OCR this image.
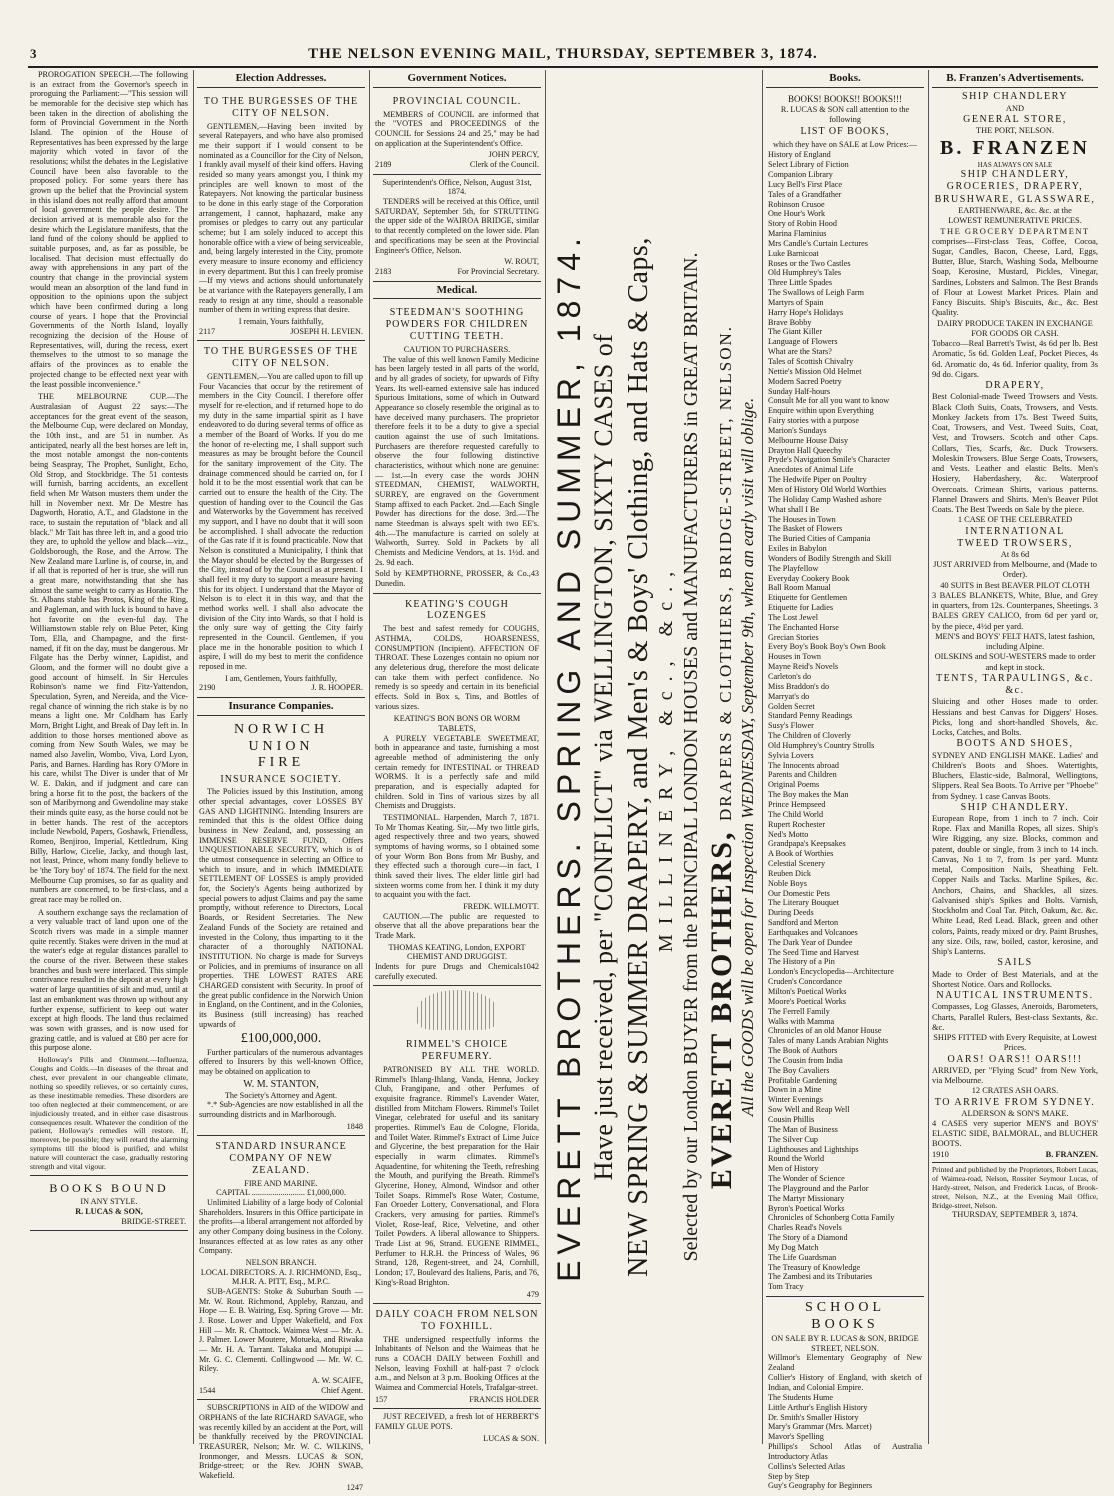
3	THE NELSON EVENING MAIL, THURSDAY, SEPTEMBER 3, 1874.

PROROGATION SPEECH.—The following is an extract from the Governor's speech in proroguing the Parliament:—"This session will be memorable for the decisive step which has been taken in the direction of abolishing the form of Provincial Government in the North Island. The opinion of the House of Representatives has been expressed by the large majority which voted in favor of the resolutions; whilst the debates in the Legislative Council have been also favorable to the proposed policy. For some years there has grown up the belief that the Provincial system in this island does not really afford that amount of local government the people desire. The decision arrived at is memorable also for the desire which the Legislature manifests, that the land fund of the colony should be applied to suitable purposes, and, as far as possible, be localised. That decision must effectually do away with apprehensions in any part of the country that change in the provincial system would mean an absorption of the land fund in opposition to the opinions upon the subject which have been confirmed during a long course of years. I hope that the Provincial Governments of the North Island, loyally recognizing the decision of the House of Representatives, will, during the recess, exert themselves to the utmost to so manage the affairs of the provinces as to enable the projected change to be effected next year with the least possible inconvenience."

THE MELBOURNE CUP.—The Australasian of August 22 says:—The acceptances for the great event of the season, the Melbourne Cup, were declared on Monday, the 10th inst., and are 51 in number. As anticipated, nearly all the best horses are left in, the most notable amongst the non-contents being Seaspray, The Prophet, Sunlight, Echo, Old Strop, and Stockbridge. The 51 contests will furnish, barring accidents, an excellent field when Mr Watson musters them under the hill in November next. Mr De Mestre has Dagworth, Horatio, A.T., and Gladstone in the race, to sustain the reputation of "black and all black." Mr Tait has three left in, and a good trio they are, to uphold the yellow and black—viz., Goldsborough, the Rose, and the Arrow. The New Zealand mare Lurline is, of course, in, and if all that is reported of her is true, she will run a great mare, notwithstanding that she has almost the same weight to carry as Horatio. The St. Albans stable has Protos, King of the Ring, and Pagleman, and with luck is bound to have a hot favorite on the even-ful day. The Williamstown stable rely on Blue Peter, King Tom, Ella, and Champagne, and the first-named, if fit on the day, must be dangerous. Mr Filgate has the Derby winner, Lapidist, and Gloom, and the former will no doubt give a good account of himself. In Sir Hercules Robinson's name we find Fitz-Yattendon, Speculation, Syren, and Nereida, and the Vice-regal chance of winning the rich stake is by no means a light one. Mr Coldham has Early Morn, Bright Light, and Break of Day left in. In addition to those horses mentioned above as coming from New South Wales, we may be named also Javelin, Wombo, Viva, Lord Lyon, Paris, and Barnes. Harding has Rory O'More in his care, whilst The Diver is under that of Mr W. E. Dakin, and if judgment and care can bring a horse fit to the post, the backers of the son of Maribyrnong and Gwendoline may stake their minds quite easy, as the horse could not be in better hands. The rest of the acceptors include Newbold, Papers, Goshawk, Friendless, Romeo, Benjiroo, Imperial, Kettledrum, King Billy, Harlow, Cicelie, Jacky, and though last, not least, Prince, whom many fondly believe to be 'the Tory boy' of 1874. The field for the next Melbourne Cup promises, so far as quality and numbers are concerned, to be first-class, and a great race may be rolled on.

A southern exchange says the reclamation of a very valuable tract of land upon one of the Scotch rivers was made in a simple manner quite recently. Stakes were driven in the mud at the water's edge at regular distances parallel to the course of the river. Between these stakes branches and bush were interlaced. This simple contrivance resulted in the deposit at every high water of large quantities of silt and mud, until at last an embankment was thrown up without any further expense, sufficient to keep out water except at high floods. The land thus reclaimed was sown with grasses, and is now used for grazing cattle, and is valued at £80 per acre for this purpose alone.

Holloway's Pills and Ointment.—Influenza, Coughs and Colds.—In diseases of the throat and chest, ever prevalent in our changeable climate, nothing so speedily relieves, or so certainly cures, as these inestimable remedies. These disorders are too often neglected at their commencement, or are injudiciously treated, and in either case disastrous consequences result. Whatever the condition of the patient, Holloway's remedies will restore. If, moreover, be possible; they will retard the alarming symptoms till the blood is purified, and whilst nature will counteract the case, gradually restoring strength and vital vigour.

BOOKS BOUND
IN ANY STYLE.
R. LUCAS & SON,
BRIDGE-STREET.
Election Addresses.
TO THE BURGESSES OF THE CITY OF NELSON.

GENTLEMEN,—Having been invited by several Ratepayers, and who have also promised me their support if I would consent to be nominated as a Councillor for the City of Nelson, I frankly avail myself of their kind offers. Having resided so many years amongst you, I think my principles are well known to most of the Ratepayers. Not knowing the particular business to be done in this early stage of the Corporation arrangement, I cannot, haphazard, make any promises or pledges to carry out any particular scheme; but I am solely induced to accept this honorable office with a view of being serviceable, and, being largely interested in the City, promote every measure to insure economy and efficiency in every department. But this I can freely promise—If my views and actions should unfortunately be at variance with the Ratepayers generally, I am ready to resign at any time, should a reasonable number of them in writing express that desire.

I remain, Yours faithfully,
2117	JOSEPH H. LEVIEN.
TO THE BURGESSES OF THE CITY OF NELSON.

GENTLEMEN,—You are called upon to fill up Four Vacancies that occur by the retirement of members in the City Council. I therefore offer myself for re-election, and if returned hope to do my duty in the same impartial spirit as I have endeavored to do during several terms of office as a member of the Board of Works. If you do me the honor of re-electing me, I shall support such measures as may be brought before the Council for the sanitary improvement of the City. The drainage commenced should be carried on, for I hold it to be the most essential work that can be carried out to ensure the health of the City. The question of handing over to the Council the Gas and Waterworks by the Government has received my support, and I have no doubt that it will soon be accomplished. I shall advocate the reduction of the Gas rate if it is found practicable. Now that Nelson is constituted a Municipality, I think that the Mayor should be elected by the Burgesses of the City, instead of by the Council as at present. I shall feel it my duty to support a measure having this for its object. I understand that the Mayor of Nelson is to elect it in this way, and that the method works well. I shall also advocate the division of the City into Wards, so that I hold is the only sure way of getting the City fairly represented in the Council. Gentlemen, if you place me in the honorable position to which I aspire, I will do my best to merit the confidence reposed in me.

I am, Gentlemen, Yours faithfully,
2190	J. R. HOOPER.
Insurance Companies.
NORWICH UNION
FIRE
INSURANCE SOCIETY.

The Policies issued by this Institution, among other special advantages, cover LOSSES BY GAS AND LIGHTNING. Intending Insurers are reminded that this is the oldest Office doing business in New Zealand, and, possessing an IMMENSE RESERVE FUND, Offers UNQUESTIONABLE SECURITY, which is of the utmost consequence in selecting an Office to which to insure, and in which IMMEDIATE SETTLEMENT OF LOSSES is amply provided for, the Society's Agents being authorized by special powers to adjust Claims and pay the same promptly, without reference to Directors, Local Boards, or Resident Secretaries. The New Zealand Funds of the Society are retained and invested in the Colony, thus imparting to it the character of a thoroughly NATIONAL INSTITUTION. No charge is made for Surveys or Policies, and in premiums of insurance on all properties. THE LOWEST RATES ARE CHARGED consistent with Security. In proof of the great public confidence in the Norwich Union in England, on the Continent, and in the Colonies, its Business (still increasing) has reached upwards of

£100,000,000.

Further particulars of the numerous advantages offered to Insurers by this well-known Office, may be obtained on application to

W. M. STANTON,
The Society's Attorney and Agent.

*.* Sub-Agencies are now established in all the surrounding districts and in Marlborough.

1848
STANDARD INSURANCE COMPANY OF NEW ZEALAND.
FIRE AND MARINE.
CAPITAL .......................... £1,000,000.

Unlimited Liability of a large body of Colonial Shareholders. Insurers in this Office participate in the profits—a liberal arrangement not afforded by any other Company doing business in the Colony. Insurances effected at as low rates as any other Company.

NELSON BRANCH.
LOCAL DIRECTORS. A. J. RICHMOND, Esq., M.H.R. A. PITT, Esq., M.P.C.

SUB-AGENTS: Stoke & Suburban South — Mr. W. Rout. Richmond, Appleby, Ranzau, and Hope — E. B. Wairing, Esq. Spring Grove — Mr. J. Rose. Lower and Upper Wakefield, and Fox Hill — Mr. R. Chattock. Waimea West — Mr. A. J. Palmer. Lower Moutere, Motueka, and Riwaka — Mr. H. A. Tarrant. Takaka and Motupipi — Mr. G. C. Clementi. Collingwood — Mr. W. C. Riley.

A. W. SCAIFE,
1544	Chief Agent.

SUBSCRIPTIONS in AID of the WIDOW and ORPHANS of the late RICHARD SAVAGE, who was recently killed by an accident at the Port, will be thankfully received by the PROVINCIAL TREASURER, Nelson; Mr. W. C. WILKINS, Ironmonger, and Messrs. LUCAS & SON, Bridge-street; or the Rev. JOHN SWAB, Wakefield.

1247
Government Notices.
PROVINCIAL COUNCIL.

MEMBERS of COUNCIL are informed that the "VOTES and PROCEEDINGS of the COUNCIL for Sessions 24 and 25," may be had on application at the Superintendent's Office.

JOHN PERCY,
2189	Clerk of the Council.
Superintendent's Office, Nelson, August 31st, 1874.

TENDERS will be received at this Office, until SATURDAY, September 5th, for STRUTTING the upper side of the WAIROA BRIDGE, similar to that recently completed on the lower side. Plan and specifications may be seen at the Provincial Engineer's Office, Nelson.

W. ROUT,
2183	For Provincial Secretary.
Medical.
STEEDMAN'S SOOTHING POWDERS FOR CHILDREN CUTTING TEETH.
CAUTION TO PURCHASERS.

The value of this well known Family Medicine has been largely tested in all parts of the world, and by all grades of society, for upwards of Fifty Years. Its well-earned extensive sale has induced Spurious Imitations, some of which in Outward Appearance so closely resemble the original as to have deceived many purchasers. The proprietor therefore feels it to be a duty to give a special caution against the use of such Imitations. Purchasers are therefore requested carefully to observe the four following distinctive characteristics, without which none are genuine:— 1st.—In every case the words JOHN STEEDMAN, CHEMIST, WALWORTH, SURREY, are engraved on the Government Stamp affixed to each Packet. 2nd.—Each Single Powder has directions for the dose. 3rd.—The name Steedman is always spelt with two EE's. 4th.—The manufacture is carried on solely at Walworth, Surrey. Sold in Packets by all Chemists and Medicine Vendors, at 1s. 1½d. and 2s. 9d each.

Sold by KEMPTHORNE, PROSSER, & Co., Dunedin.
43
KEATING'S COUGH LOZENGES

The best and safest remedy for COUGHS, ASTHMA, COLDS, HOARSENESS, CONSUMPTION (Incipient). AFFECTION OF THROAT. These Lozenges contain no opium nor any deleterious drug, therefore the most delicate can take them with perfect confidence. No remedy is so speedy and certain in its beneficial effects. Sold in Box s, Tins, and Bottles of various sizes.

KEATING'S BON BONS OR WORM TABLETS,

A PURELY VEGETABLE SWEETMEAT, both in appearance and taste, furnishing a most agreeable method of administering the only certain remedy for INTESTINAL or THREAD WORMS. It is a perfectly safe and mild preparation, and is especially adapted for children. Sold in Tins of various sizes by all Chemists and Druggists.

TESTIMONIAL. Harpenden, March 7, 1871. To Mr Thomas Keating. Sir,—My two little girls, aged respectively three and two years, showed symptoms of having worms, so I obtained some of your Worm Bon Bons from Mr Busby, and they effected such a thorough cure—in fact, I think saved their lives. The elder little girl had sixteen worms come from her. I think it my duty to acquaint you with the fact.

FREDK. WILLMOTT.

CAUTION.—The public are requested to observe that all the above preparations bear the Trade Mark.

THOMAS KEATING, London, EXPORT CHEMIST AND DRUGGIST.
Indents for pure Drugs and Chemicals carefully executed.
1042
RIMMEL'S CHOICE PERFUMERY.

PATRONISED BY ALL THE WORLD. Rimmel's Ihlang-Ihlang, Vanda, Henna, Jockey Club, Frangipane, and other Perfumes of exquisite fragrance. Rimmel's Lavender Water, distilled from Mitcham Flowers. Rimmel's Toilet Vinegar, celebrated for useful and its sanitary properties. Rimmel's Eau de Cologne, Florida, and Toilet Water. Rimmel's Extract of Lime Juice and Glycerine, the best preparation for the Hair especially in warm climates. Rimmel's Aquadentine, for whitening the Teeth, refreshing the Mouth, and purifying the Breath. Rimmel's Glycerine, Honey, Almond, Windsor and other Toilet Soaps. Rimmel's Rose Water, Costume, Fan Oroeder Lottery, Conversational, and Flora Crackers, very amusing for parties. Rimmel's Violet, Rose-leaf, Rice, Velvetine, and other Toilet Powders. A liberal allowance to Shippers. Trade List at 96, Strand. EUGENE RIMMEL, Perfumer to H.R.H. the Princess of Wales, 96 Strand, 128, Regent-street, and 24, Cornhill, London; 17, Boulevard des Italiens, Paris, and 76, King's-Road Brighton.

479
DAILY COACH FROM NELSON TO FOXHILL.

THE undersigned respectfully informs the Inhabitants of Nelson and the Waimeas that he runs a COACH DAILY between Foxhill and Nelson, leaving Foxhill at half-past 7 o'clock a.m., and Nelson at 3 p.m. Booking Offices at the Waimea and Commercial Hotels, Trafalgar-street.

157	FRANCIS HOLDER

JUST RECEIVED, a fresh lot of HERBERT'S FAMILY GLUE POTS.

LUCAS & SON.
EVERETT BROTHERS. SPRING AND SUMMER, 1874. Have just received, per "CONFLICT" via WELLINGTON, SIXTY CASES of NEW SPRING & SUMMER DRAPERY, and Men's & Boys' Clothing, and Hats & Caps, MILLINERY, &c., &c., Selected by our London BUYER from the PRINCIPAL LONDON HOUSES and MANUFACTURERS in GREAT BRITAIN. EVERETT BROTHERS, DRAPERS & CLOTHIERS, BRIDGE-STREET, NELSON. All the GOODS will be open for Inspection WEDNESDAY, September 9th, when an early visit will oblige.
Books.
BOOKS! BOOKS!! BOOKS!!!
R. LUCAS & SON call attention to the following
LIST OF BOOKS,
which they have on SALE at Low Prices:—
History of England
Select Library of Fiction
Companion Library
Lucy Bell's First Place
Tales of a Grandfather
Robinson Crusoe
One Hour's Work
Story of Robin Hood
Marina Flaminius
Mrs Candle's Curtain Lectures
Luke Barnicoat
Roses or the Two Castles
Old Humphrey's Tales
Three Little Spades
The Swallows of Leigh Farm
Martyrs of Spain
Harry Hope's Holidays
Brave Bobby
The Giant Killer
Language of Flowers
What are the Stars?
Tales of Scottish Chivalry
Nettie's Mission Old Helmet
Modern Sacred Poetry
Sunday Half-hours
Consult Me for all you want to know
Enquire within upon Everything
Fairy stories with a purpose
Marion's Sundays
Melbourne House Daisy
Drayton Hall Queechy
Pryde's Navigation Smile's Character
Anecdotes of Animal Life
The Hedwife Piper on Poultry
Men of History Old World Worthies
The Holiday Camp Washed ashore
What shall I Be
The Houses in Town
The Basket of Flowers
The Buried Cities of Campania
Exiles in Babylon
Wonders of Bodily Strength and Skill
The Playfellow
Everyday Cookery Book
Ball Room Manual
Etiquette for Gentlemen
Etiquette for Ladies
The Lost Jewel
The Enchanted Horse
Grecian Stories
Every Boy's Book Boy's Own Book
Houses in Town
Mayne Reid's Novels
Carleton's do
Miss Braddon's do
Marryat's do
Golden Secret
Standard Penny Readings
Susy's Flower
The Children of Cloverly
Old Humphrey's Country Strolls
Sylvia Lovers
The Innocents abroad
Parents and Children
Original Poems
The Boy makes the Man
Prince Hempseed
The Child World
Rupert Rochester
Ned's Motto
Grandpapa's Keepsakes
A Book of Worthies
Celestial Scenery
Reuben Dick
Noble Boys
Our Domestic Pets
The Literary Bouquet
During Deeds
Sandford and Merton
Earthquakes and Volcanoes
The Dark Year of Dundee
The Seed Time and Harvest
The History of a Pin
London's Encyclopedia—Architecture
Cruden's Concordance
Milton's Poetical Works
Moore's Poetical Works
The Ferrell Family
Walks with Mamma
Chronicles of an old Manor House
Tales of many Lands Arabian Nights
The Book of Authors
The Cousin from India
The Boy Cavaliers
Profitable Gardening
Down in a Mine
Winter Evenings
Sow Well and Reap Well
Cousin Phillis
The Man of Business
The Silver Cup
Lighthouses and Lightships
Round the World
Men of History
The Wonder of Science
The Playground and the Parlor
The Martyr Missionary
Byron's Poetical Works
Chronicles of Schonberg Cotta Family
Charles Read's Novels
The Story of a Diamond
My Dog Match
The Life Guardsman
The Treasury of Knowledge
The Zambesi and its Tributaries
Tom Tracy
SCHOOL BOOKS
ON SALE BY R. LUCAS & SON, BRIDGE STREET, NELSON.
Willmor's Elementary Geography of New Zealand
Collier's History of England, with sketch of Indian, and Colonial Empire.
The Students Hume
Little Arthur's English History
Dr. Smith's Smaller History
Mary's Grammar (Mrs. Marcet)
Mavor's Spelling
Phillips's School Atlas of Australia Introductory Atlas
Collins's Selected Atlas
Step by Step
Guy's Geography for Beginners
B. Franzen's Advertisements.
SHIP CHANDLERY
AND
GENERAL STORE,
THE PORT, NELSON.
B. FRANZEN
HAS ALWAYS ON SALE
SHIP CHANDLERY,
GROCERIES, DRAPERY,
BRUSHWARE, GLASSWARE,
EARTHENWARE, &c. &c. at the
LOWEST REMUNERATIVE PRICES.
THE GROCERY DEPARTMENT

comprises—First-class Teas, Coffee, Cocoa, Sugar, Candles, Bacon, Cheese, Lard, Eggs, Butter, Blue, Starch, Washing Soda, Melbourne Soap, Kerosine, Mustard, Pickles, Vinegar, Sardines, Lobsters and Salmon. The Best Brands of Flour at Lowest Market Prices. Plain and Fancy Biscuits. Ship's Biscuits, &c., &c. Best Quality.

DAIRY PRODUCE TAKEN IN EXCHANGE FOR GOODS OR CASH.

Tobacco—Real Barrett's Twist, 4s 6d per lb. Best Aromatic, 5s 6d. Golden Leaf, Pocket Pieces, 4s 6d. Aromatic do, 4s 6d. Inferior quality, from 3s 9d do. Cigars.

DRAPERY,

Best Colonial-made Tweed Trowsers and Vests. Black Cloth Suits, Coats, Trowsers, and Vests. Monkey Jackets from 17s. Best Tweed Suits, Coat, Trowsers, and Vest. Tweed Suits, Coat, Vest, and Trowsers. Scotch and other Caps. Collars, Ties, Scarfs, &c. Duck Trowsers. Moleskin Trowsers. Blue Serge Coats, Trowsers, and Vests. Leather and elastic Belts. Men's Hosiery, Haberdashery, &c. Waterproof Overcoats. Crimean Shirts, various patterns. Flannel Drawers and Shirts. Men's Beaver Pilot Coats. The Best Tweeds on Sale by the piece.

1 CASE OF THE CELEBRATED
INTERNATIONAL
TWEED TROWSERS,
At 8s 6d
JUST ARRIVED from Melbourne, and (Made to Order).
40 SUITS in Best BEAVER PILOT CLOTH

3 BALES BLANKETS, White, Blue, and Grey in quarters, from 12s. Counterpanes, Sheetings. 3 BALES GREY CALICO, from 6d per yard or, by the piece, 4½d per yard.

MEN'S and BOYS' FELT HATS, latest fashion, including Alpine.
OILSKINS and SOU-WESTERS made to order and kept in stock.
TENTS, TARPAULINGS, &c. &c.

Sluicing and other Hoses made to order. Hessians and best Canvas for Diggers' Hoses. Picks, long and short-handled Shovels, &c. Locks, Catches, and Bolts.

BOOTS AND SHOES,

SYDNEY AND ENGLISH MAKE. Ladies' and Children's Boots and Shoes. Watertights, Bluchers, Elastic-side, Balmoral, Wellingtons, Slippers. Real Sea Boots. To Arrive per "Phoebe" from Sydney. 1 case Canvas Boots.

SHIP CHANDLERY.

European Rope, from 1 inch to 7 inch. Coir Rope. Flax and Manilla Ropes, all sizes. Ship's Wire Rigging, any size. Blocks, common and patent, double or single, from 3 inch to 14 inch. Canvas, No 1 to 7, from 1s per yard. Muntz metal, Composition Nails, Sheathing Felt. Copper Nails and Tacks. Marline Spikes, &c. Anchors, Chains, and Shackles, all sizes. Galvanised ship's Spikes and Bolts. Varnish, Stockholm and Coal Tar. Pitch, Oakum, &c. &c. White Lead, Red Lead. Black, green and other colors, Paints, ready mixed or dry. Paint Brushes, any size. Oils, raw, boiled, castor, kerosine, and Ship's Lanterns.

SAILS

Made to Order of Best Materials, and at the Shortest Notice. Oars and Rollocks.

NAUTICAL INSTRUMENTS.

Compasses, Log Glasses, Aneroids, Barometers, Charts, Parallel Rulers, Best-class Sextants, &c. &c.

SHIPS FITTED with Every Requisite, at Lowest Prices.
OARS! OARS!! OARS!!!

ARRIVED, per "Flying Scud" from New York, via Melbourne.

12 CRATES ASH OARS.
TO ARRIVE FROM SYDNEY.
ALDERSON & SON'S MAKE.

4 CASES very superior MEN'S and BOYS' ELASTIC SIDE, BALMORAL, and BLUCHER BOOTS.

1910	B. FRANZEN.

Printed and published by the Proprietors, Robert Lucas, of Waimea-road, Nelson, Rossiter Seymour Lucas, of Hardy-street, Nelson, and Frederick Lucas, of Brook-street, Nelson, N.Z., at the Evening Mail Office, Bridge-street, Nelson.

THURSDAY, SEPTEMBER 3, 1874.
